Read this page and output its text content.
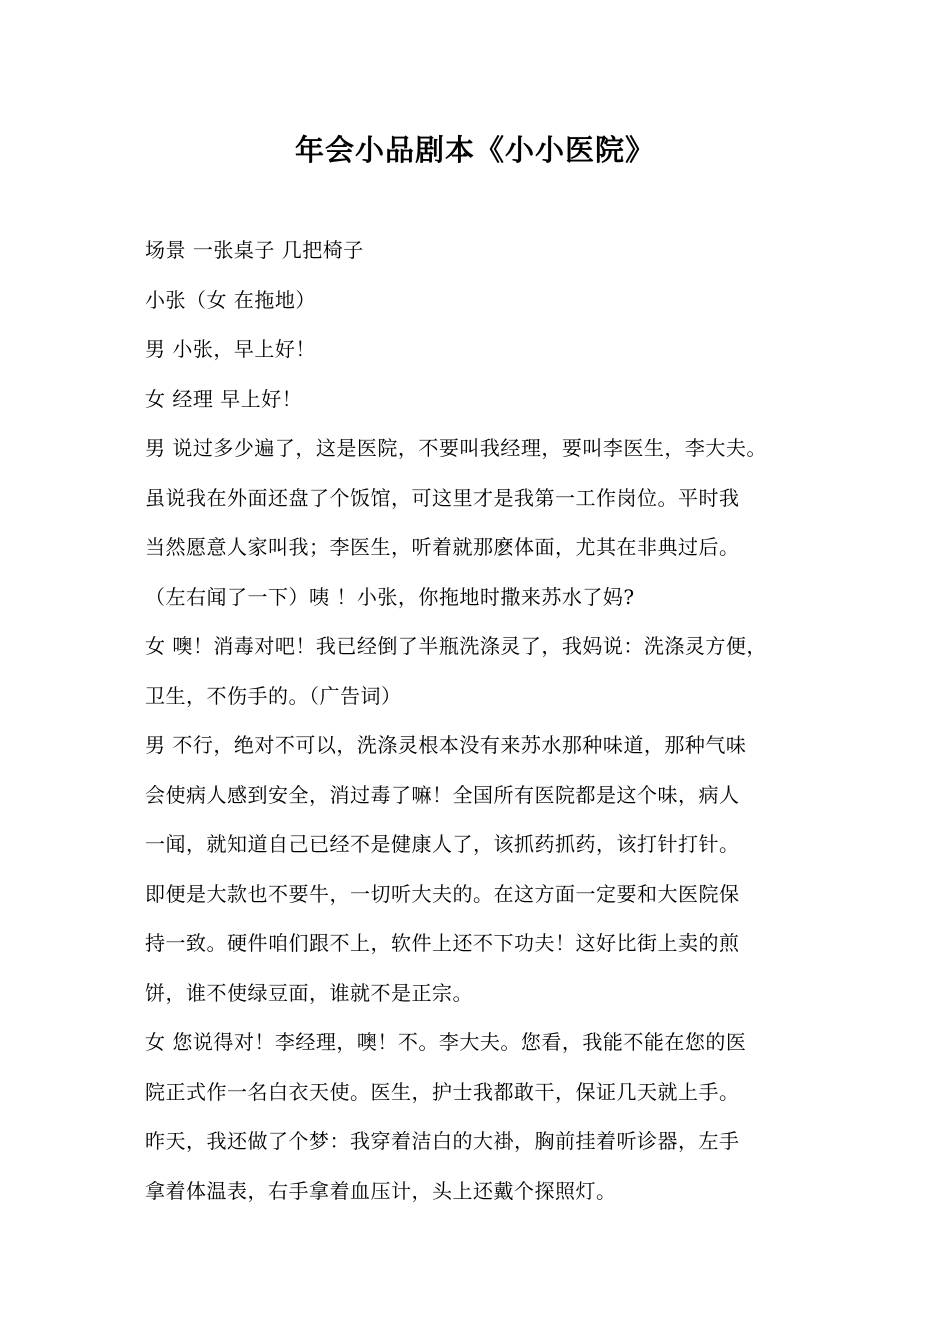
年会小品剧本《小小医院》
场景 一张桌子 几把椅子
小张（女 在拖地）
男 小张，早上好！
女 经理 早上好！
男 说过多少遍了，这是医院，不要叫我经理，要叫李医生，李大夫。
虽说我在外面还盘了个饭馆，可这里才是我第一工作岗位。平时我
当然愿意人家叫我；李医生，听着就那麽体面，尤其在非典过后。
（左右闻了一下）咦 ！小张，你拖地时撒来苏水了妈?
女 噢！消毒对吧！我已经倒了半瓶洗涤灵了，我妈说：洗涤灵方便，
卫生，不伤手的。（广告词）
男 不行，绝对不可以，洗涤灵根本没有来苏水那种味道，那种气味
会使病人感到安全，消过毒了嘛！全国所有医院都是这个味，病人
一闻，就知道自己已经不是健康人了，该抓药抓药，该打针打针。
即便是大款也不要牛，一切听大夫的。在这方面一定要和大医院保
持一致。硬件咱们跟不上，软件上还不下功夫！这好比街上卖的煎
饼，谁不使绿豆面，谁就不是正宗。
女 您说得对！李经理，噢！不。李大夫。您看，我能不能在您的医
院正式作一名白衣天使。医生，护士我都敢干，保证几天就上手。
昨天，我还做了个梦：我穿着洁白的大褂，胸前挂着听诊器，左手
拿着体温表，右手拿着血压计，头上还戴个探照灯。
